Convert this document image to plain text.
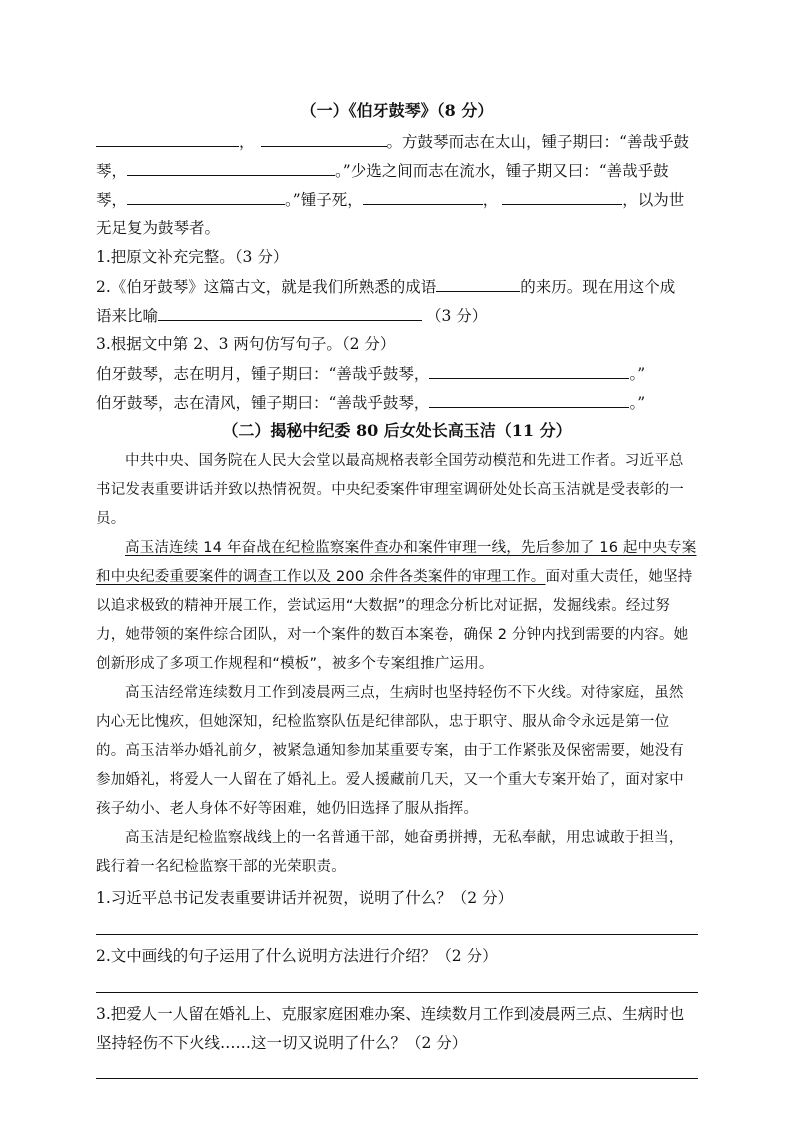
（一）《伯牙鼓琴》（8 分）
，	。方鼓琴而志在太山，锺子期曰：“善哉乎鼓
琴，	。”少选之间而志在流水，锺子期又曰：“善哉乎鼓
琴，	。”锺子死，	，	，以为世
无足复为鼓琴者。
1.把原文补充完整。（3 分）
2.《伯牙鼓琴》这篇古文，就是我们所熟悉的成语	的来历。现在用这个成
语来比喻	（3 分）
3.根据文中第 2、3 两句仿写句子。（2 分）
伯牙鼓琴，志在明月，锺子期曰：“善哉乎鼓琴，	。”
伯牙鼓琴，志在清风，锺子期曰：“善哉乎鼓琴，	。”
（二）揭秘中纪委 80 后女处长高玉洁（11 分）
中共中央、国务院在人民大会堂以最高规格表彰全国劳动模范和先进工作者。习近平总书记发表重要讲话并致以热情祝贺。中央纪委案件审理室调研处处长高玉洁就是受表彰的一员。
高玉洁连续 14 年奋战在纪检监察案件查办和案件审理一线，先后参加了 16 起中央专案和中央纪委重要案件的调查工作以及 200 余件各类案件的审理工作。面对重大责任，她坚持以追求极致的精神开展工作，尝试运用“大数据”的理念分析比对证据，发掘线索。经过努力，她带领的案件综合团队，对一个案件的数百本案卷，确保 2 分钟内找到需要的内容。她创新形成了多项工作规程和“模板”，被多个专案组推广运用。
高玉洁经常连续数月工作到凌晨两三点，生病时也坚持轻伤不下火线。对待家庭，虽然内心无比愧疚，但她深知，纪检监察队伍是纪律部队，忠于职守、服从命令永远是第一位的。高玉洁举办婚礼前夕，被紧急通知参加某重要专案，由于工作紧张及保密需要，她没有参加婚礼，将爱人一人留在了婚礼上。爱人援藏前几天，又一个重大专案开始了，面对家中孩子幼小、老人身体不好等困难，她仍旧选择了服从指挥。
高玉洁是纪检监察战线上的一名普通干部，她奋勇拼搏，无私奉献，用忠诚敢于担当，践行着一名纪检监察干部的光荣职责。
1.习近平总书记发表重要讲话并祝贺，说明了什么？（2 分）
2.文中画线的句子运用了什么说明方法进行介绍？（2 分）
3.把爱人一人留在婚礼上、克服家庭困难办案、连续数月工作到凌晨两三点、生病时也
坚持轻伤不下火线……这一切又说明了什么？（2 分）
